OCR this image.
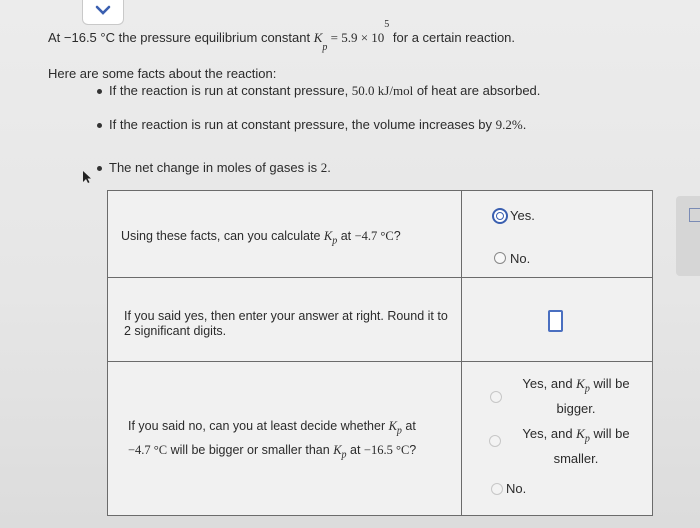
At −16.5 °C the pressure equilibrium constant $K_p = 5.9 \times 10^5$ for a certain reaction.
Here are some facts about the reaction:
If the reaction is run at constant pressure, 50.0 kJ/mol of heat are absorbed.
If the reaction is run at constant pressure, the volume increases by 9.2%.
The net change in moles of gases is 2.
Using these facts, can you calculate $K_p$ at −4.7 °C?
Yes.
No.
If you said yes, then enter your answer at right. Round it to
2 significant digits.
If you said no, can you at least decide whether $K_p$ at
−4.7 °C will be bigger or smaller than $K_p$ at −16.5 °C?
Yes, and $K_p$ will be
bigger.
Yes, and $K_p$ will be
smaller.
No.
